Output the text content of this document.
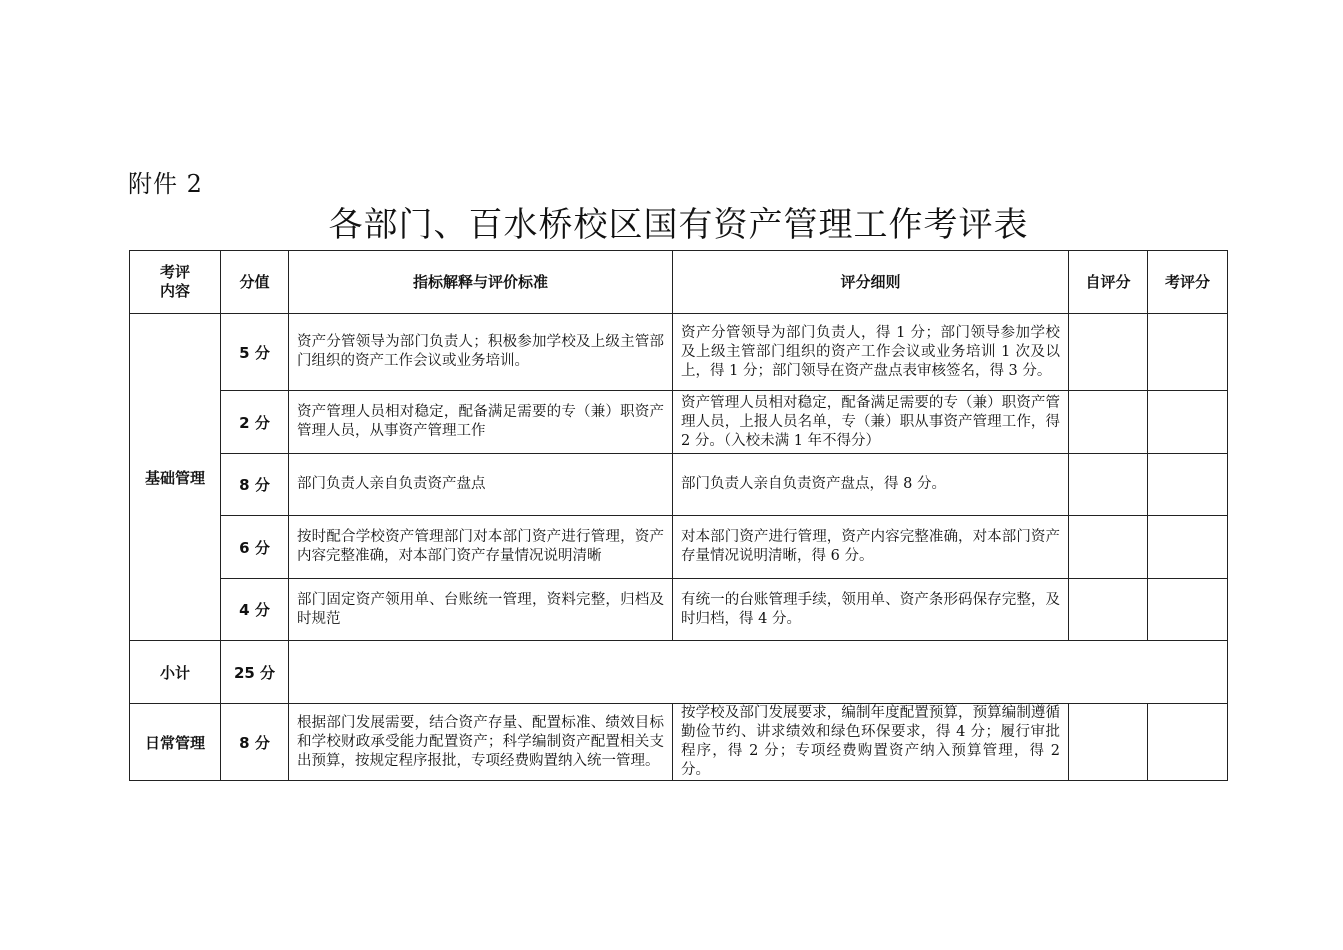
附件 2
各部门、百水桥校区国有资产管理工作考评表
考评
内容	分值	指标解释与评价标准	评分细则	自评分	考评分
基础管理	5 分	资产分管领导为部门负责人；积极参加学校及上级主管部门组织的资产工作会议或业务培训。	资产分管领导为部门负责人，得 1 分；部门领导参加学校及上级主管部门组织的资产工作会议或业务培训 1 次及以上，得 1 分；部门领导在资产盘点表审核签名，得 3 分。		
	2 分	资产管理人员相对稳定，配备满足需要的专（兼）职资产管理人员，从事资产管理工作	资产管理人员相对稳定，配备满足需要的专（兼）职资产管理人员，上报人员名单，专（兼）职从事资产管理工作，得 2 分。（入校未满 1 年不得分）		
	8 分	部门负责人亲自负责资产盘点	部门负责人亲自负责资产盘点，得 8 分。		
	6 分	按时配合学校资产管理部门对本部门资产进行管理，资产内容完整准确，对本部门资产存量情况说明清晰	对本部门资产进行管理，资产内容完整准确，对本部门资产存量情况说明清晰，得 6 分。		
	4 分	部门固定资产领用单、台账统一管理，资料完整，归档及时规范	有统一的台账管理手续，领用单、资产条形码保存完整，及时归档，得 4 分。		
小计	25 分				
日常管理	8 分	根据部门发展需要，结合资产存量、配置标准、绩效目标和学校财政承受能力配置资产；科学编制资产配置相关支出预算，按规定程序报批，专项经费购置纳入统一管理。	按学校及部门发展要求，编制年度配置预算，预算编制遵循勤俭节约、讲求绩效和绿色环保要求，得 4 分；履行审批程序，得 2 分；专项经费购置资产纳入预算管理，得 2 分。		
